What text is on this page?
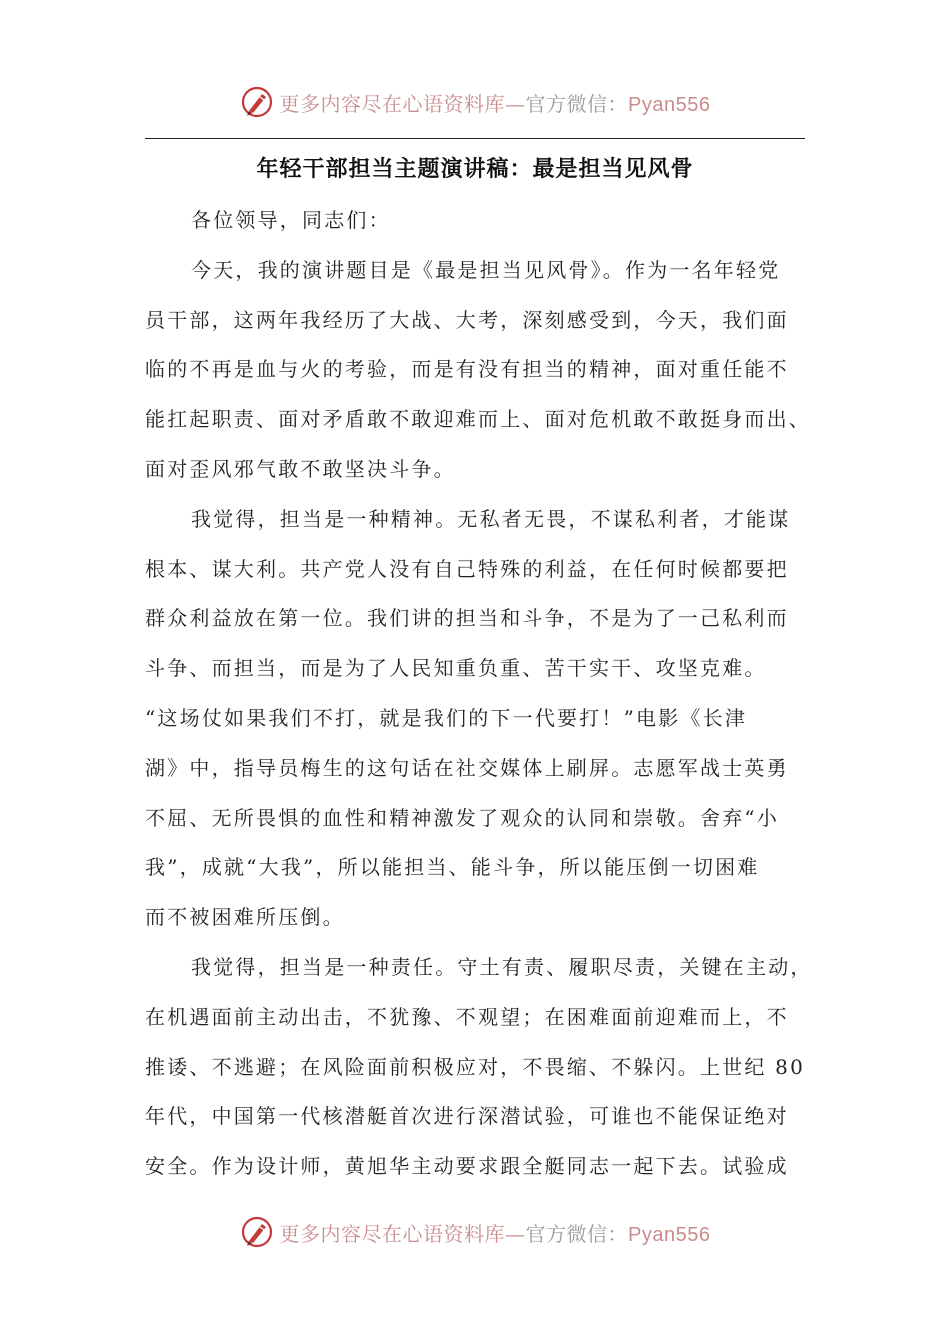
更多内容尽在心语资料库—官方微信：Pyan556
年轻干部担当主题演讲稿：最是担当见风骨
各位领导，同志们：
今天，我的演讲题目是《最是担当见风骨》。作为一名年轻党
员干部，这两年我经历了大战、大考，深刻感受到，今天，我们面
临的不再是血与火的考验，而是有没有担当的精神，面对重任能不
能扛起职责、面对矛盾敢不敢迎难而上、面对危机敢不敢挺身而出、
面对歪风邪气敢不敢坚决斗争。
我觉得，担当是一种精神。无私者无畏，不谋私利者，才能谋
根本、谋大利。共产党人没有自己特殊的利益，在任何时候都要把
群众利益放在第一位。我们讲的担当和斗争，不是为了一己私利而
斗争、而担当，而是为了人民知重负重、苦干实干、攻坚克难。
“这场仗如果我们不打，就是我们的下一代要打！”电影《长津
湖》中，指导员梅生的这句话在社交媒体上刷屏。志愿军战士英勇
不屈、无所畏惧的血性和精神激发了观众的认同和崇敬。舍弃“小
我”，成就“大我”，所以能担当、能斗争，所以能压倒一切困难
而不被困难所压倒。
我觉得，担当是一种责任。守土有责、履职尽责，关键在主动，
在机遇面前主动出击，不犹豫、不观望；在困难面前迎难而上，不
推诿、不逃避；在风险面前积极应对，不畏缩、不躲闪。上世纪 80
年代，中国第一代核潜艇首次进行深潜试验，可谁也不能保证绝对
安全。作为设计师，黄旭华主动要求跟全艇同志一起下去。试验成
更多内容尽在心语资料库—官方微信：Pyan556
